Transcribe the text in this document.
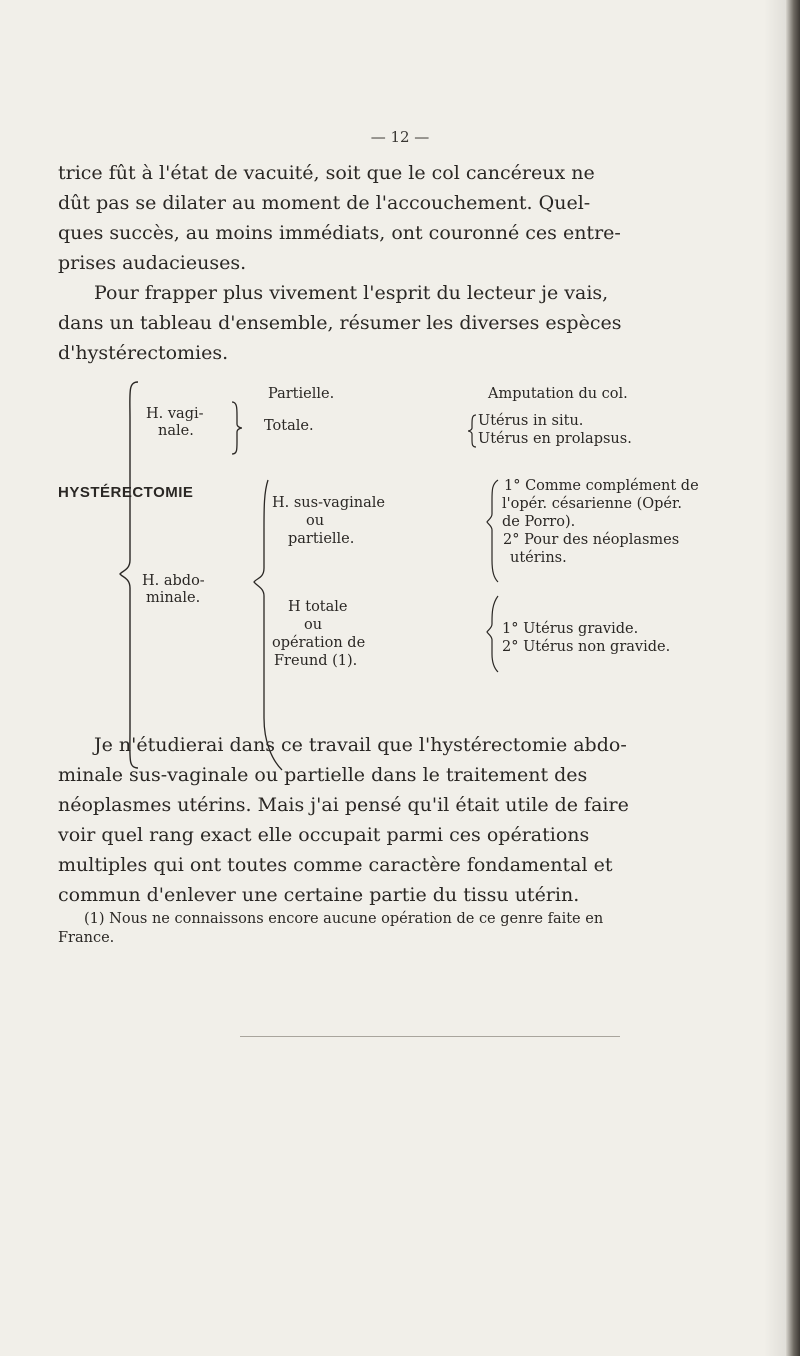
— 12 —

trice fût à l'état de vacuité, soit que le col cancéreux ne
dût pas se dilater au moment de l'accouchement. Quel-
ques succès, au moins immédiats, ont couronné ces entre-
prises audacieuses.
Pour frapper plus vivement l'esprit du lecteur je vais,
dans un tableau d'ensemble, résumer les diverses espèces
d'hystérectomies.

HYSTÉRECTOMIE
H. vagi-
nale.
Partielle.	Amputation du col.
Totale.	Utérus in situ.
Utérus en prolapsus.
H. abdo-
minale.
H. sus-vaginale
ou
partielle.
1° Comme complément de
l'opér. césarienne (Opér.
de Porro).
2° Pour des néoplasmes
utérins.
H totale
ou
opération de
Freund (1).
1° Utérus gravide.
2° Utérus non gravide.

Je n'étudierai dans ce travail que l'hystérectomie abdo-
minale sus-vaginale ou partielle dans le traitement des
néoplasmes utérins. Mais j'ai pensé qu'il était utile de faire
voir quel rang exact elle occupait parmi ces opérations
multiples qui ont toutes comme caractère fondamental et
commun d'enlever une certaine partie du tissu utérin.

(1) Nous ne connaissons encore aucune opération de ce genre faite en
France.
